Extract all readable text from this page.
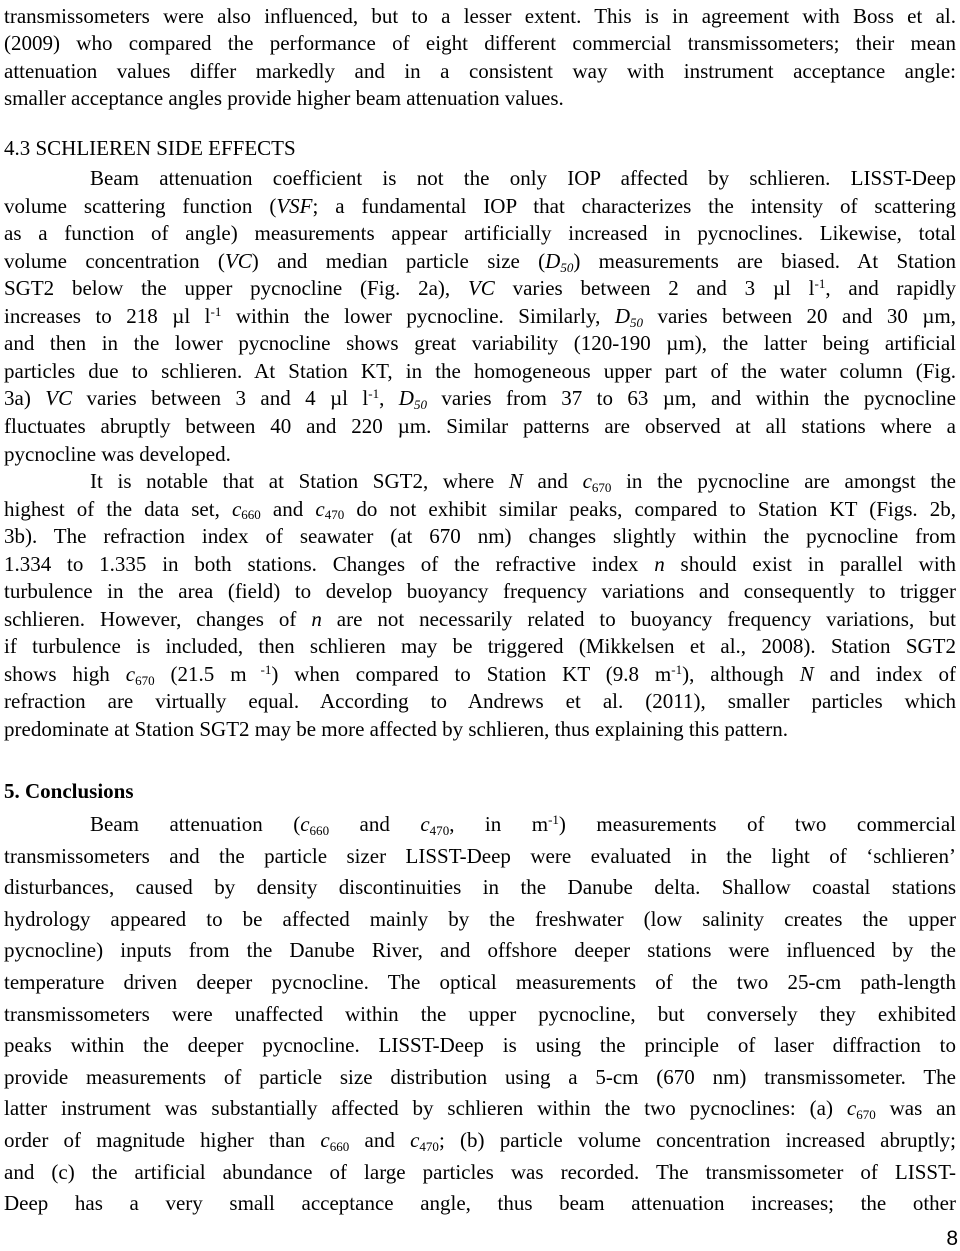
transmissometers were also influenced, but to a lesser extent. This is in agreement with Boss et al.
(2009) who compared the performance of eight different commercial transmissometers; their mean
attenuation values differ markedly and in a consistent way with instrument acceptance angle:
smaller acceptance angles provide higher beam attenuation values.
4.3 SCHLIEREN SIDE EFFECTS
Beam attenuation coefficient is not the only IOP affected by schlieren. LISST-Deep
volume scattering function (VSF; a fundamental IOP that characterizes the intensity of scattering
as a function of angle) measurements appear artificially increased in pycnoclines. Likewise, total
volume concentration (VC) and median particle size $(D_{50})$ measurements are biased. At Station
SGT2 below the upper pycnocline (Fig. 2a), VC varies between 2 and 3 µl $l^{-1}$, and rapidly
increases to 218 µl $l^{-1}$ within the lower pycnocline. Similarly, $D_{50}$ varies between 20 and 30 µm,
and then in the lower pycnocline shows great variability (120-190 µm), the latter being artificial
particles due to schlieren. At Station KT, in the homogeneous upper part of the water column (Fig.
3a) VC varies between 3 and 4 µl $l^{-1}$, $D_{50}$ varies from 37 to 63 µm, and within the pycnocline
fluctuates abruptly between 40 and 220 µm. Similar patterns are observed at all stations where a
pycnocline was developed.
It is notable that at Station SGT2, where N and $c_{670}$ in the pycnocline are amongst the
highest of the data set, $c_{660}$ and $c_{470}$ do not exhibit similar peaks, compared to Station KT (Figs. 2b,
3b). The refraction index of seawater (at 670 nm) changes slightly within the pycnocline from
1.334 to 1.335 in both stations. Changes of the refractive index n should exist in parallel with
turbulence in the area (field) to develop buoyancy frequency variations and consequently to trigger
schlieren. However, changes of n are not necessarily related to buoyancy frequency variations, but
if turbulence is included, then schlieren may be triggered (Mikkelsen et al., 2008). Station SGT2
shows high $c_{670}$ (21.5 m $^{-1}$) when compared to Station KT (9.8 $m^{-1}$), although N and index of
refraction are virtually equal. According to Andrews et al. (2011), smaller particles which
predominate at Station SGT2 may be more affected by schlieren, thus explaining this pattern.
5. Conclusions
Beam attenuation ($c_{660}$ and $c_{470}$, in $m^{-1}$) measurements of two commercial
transmissometers and the particle sizer LISST-Deep were evaluated in the light of ‘schlieren’
disturbances, caused by density discontinuities in the Danube delta. Shallow coastal stations
hydrology appeared to be affected mainly by the freshwater (low salinity creates the upper
pycnocline) inputs from the Danube River, and offshore deeper stations were influenced by the
temperature driven deeper pycnocline. The optical measurements of the two 25-cm path-length
transmissometers were unaffected within the upper pycnocline, but conversely they exhibited
peaks within the deeper pycnocline. LISST-Deep is using the principle of laser diffraction to
provide measurements of particle size distribution using a 5-cm (670 nm) transmissometer. The
latter instrument was substantially affected by schlieren within the two pycnoclines: (a) $c_{670}$ was an
order of magnitude higher than $c_{660}$ and $c_{470}$; (b) particle volume concentration increased abruptly;
and (c) the artificial abundance of large particles was recorded. The transmissometer of LISST-
Deep has a very small acceptance angle, thus beam attenuation increases; the other
8
